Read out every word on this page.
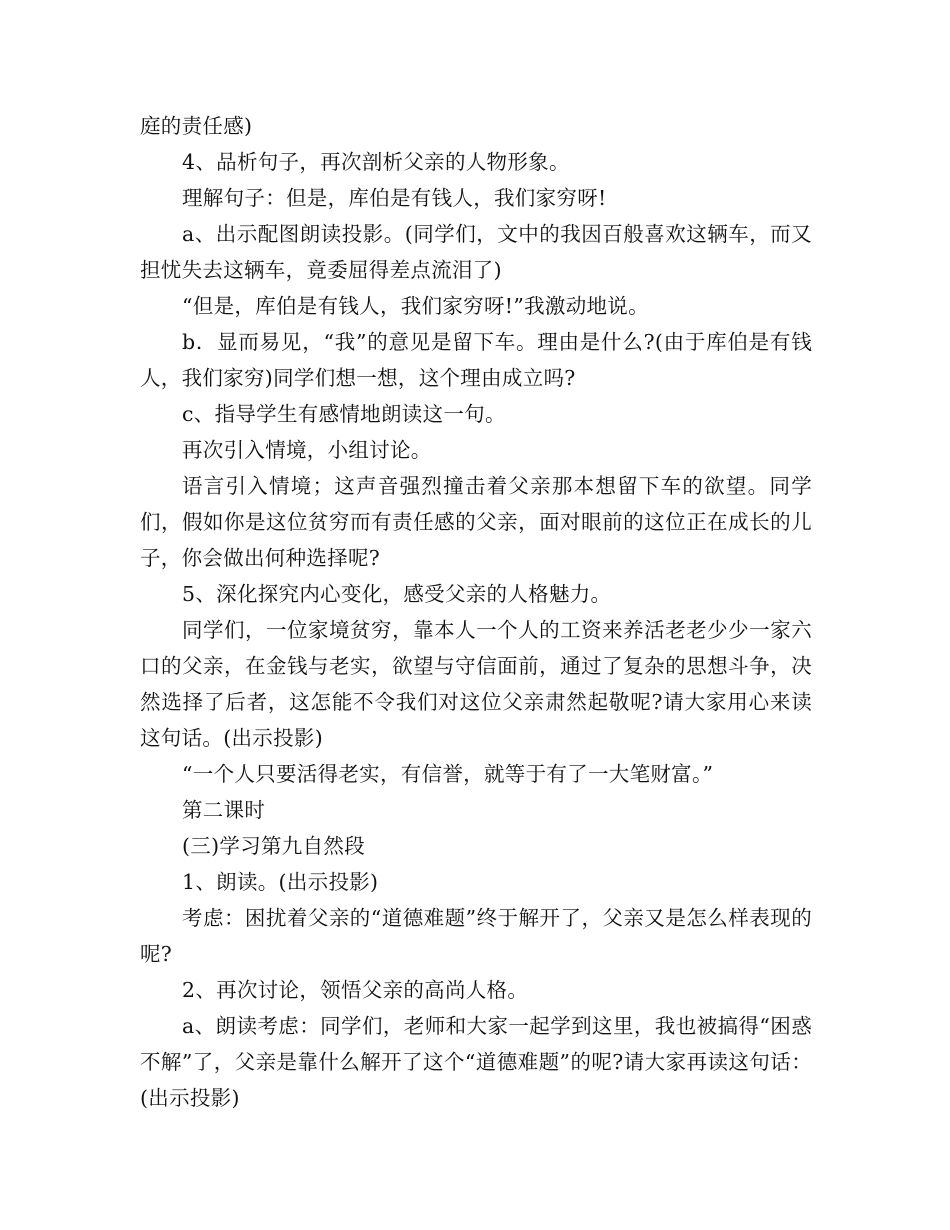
庭的责任感)

4、品析句子，再次剖析父亲的人物形象。

理解句子：但是，库伯是有钱人，我们家穷呀!

a、出示配图朗读投影。(同学们，文中的我因百般喜欢这辆车，而又担忧失去这辆车，竟委屈得差点流泪了)

“但是，库伯是有钱人，我们家穷呀!”我激动地说。

b．显而易见，“我”的意见是留下车。理由是什么?(由于库伯是有钱人，我们家穷)同学们想一想，这个理由成立吗?

c、指导学生有感情地朗读这一句。

再次引入情境，小组讨论。

语言引入情境；这声音强烈撞击着父亲那本想留下车的欲望。同学们，假如你是这位贫穷而有责任感的父亲，面对眼前的这位正在成长的儿子，你会做出何种选择呢?

5、深化探究内心变化，感受父亲的人格魅力。

同学们，一位家境贫穷，靠本人一个人的工资来养活老老少少一家六口的父亲，在金钱与老实，欲望与守信面前，通过了复杂的思想斗争，决然选择了后者，这怎能不令我们对这位父亲肃然起敬呢?请大家用心来读这句话。(出示投影)

“一个人只要活得老实，有信誉，就等于有了一大笔财富。”

第二课时

(三)学习第九自然段

1、朗读。(出示投影)

考虑：困扰着父亲的“道德难题”终于解开了，父亲又是怎么样表现的呢?

2、再次讨论，领悟父亲的高尚人格。

a、朗读考虑：同学们，老师和大家一起学到这里，我也被搞得“困惑不解”了，父亲是靠什么解开了这个“道德难题”的呢?请大家再读这句话：(出示投影)
